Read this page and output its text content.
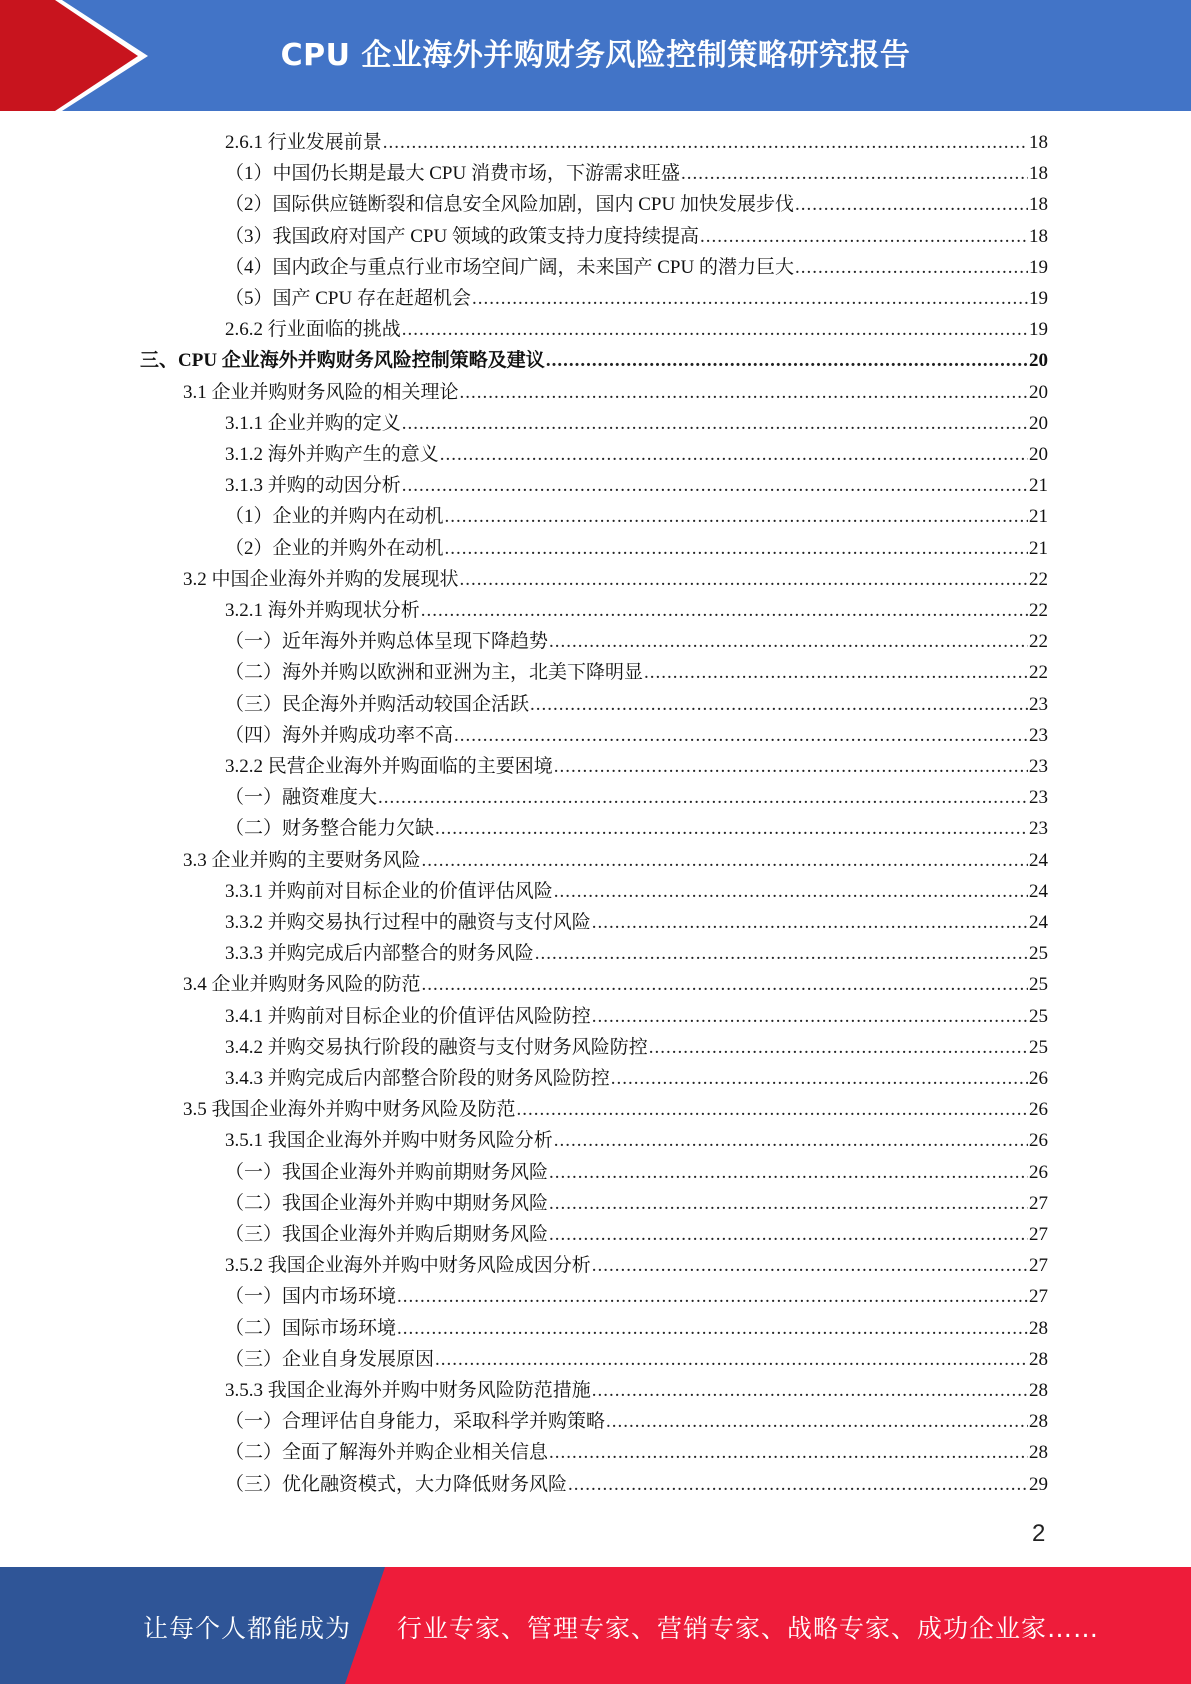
CPU 企业海外并购财务风险控制策略研究报告
2.6.1 行业发展前景 .....	18
（1）中国仍长期是最大 CPU 消费市场，下游需求旺盛 .....	18
（2）国际供应链断裂和信息安全风险加剧，国内 CPU 加快发展步伐 .....	18
（3）我国政府对国产 CPU 领域的政策支持力度持续提高 .....	18
（4）国内政企与重点行业市场空间广阔，未来国产 CPU 的潜力巨大 .....	19
（5）国产 CPU 存在赶超机会 .....	19
2.6.2 行业面临的挑战 .....	19
三、CPU 企业海外并购财务风险控制策略及建议 .....	20
3.1 企业并购财务风险的相关理论 .....	20
3.1.1 企业并购的定义 .....	20
3.1.2 海外并购产生的意义 .....	20
3.1.3 并购的动因分析 .....	21
（1）企业的并购内在动机 .....	21
（2）企业的并购外在动机 .....	21
3.2 中国企业海外并购的发展现状 .....	22
3.2.1 海外并购现状分析 .....	22
（一）近年海外并购总体呈现下降趋势 .....	22
（二）海外并购以欧洲和亚洲为主，北美下降明显 .....	22
（三）民企海外并购活动较国企活跃 .....	23
（四）海外并购成功率不高 .....	23
3.2.2 民营企业海外并购面临的主要困境 .....	23
（一）融资难度大 .....	23
（二）财务整合能力欠缺 .....	23
3.3 企业并购的主要财务风险 .....	24
3.3.1 并购前对目标企业的价值评估风险 .....	24
3.3.2 并购交易执行过程中的融资与支付风险 .....	24
3.3.3 并购完成后内部整合的财务风险 .....	25
3.4 企业并购财务风险的防范 .....	25
3.4.1 并购前对目标企业的价值评估风险防控 .....	25
3.4.2 并购交易执行阶段的融资与支付财务风险防控 .....	25
3.4.3 并购完成后内部整合阶段的财务风险防控 .....	26
3.5 我国企业海外并购中财务风险及防范 .....	26
3.5.1 我国企业海外并购中财务风险分析 .....	26
（一）我国企业海外并购前期财务风险 .....	26
（二）我国企业海外并购中期财务风险 .....	27
（三）我国企业海外并购后期财务风险 .....	27
3.5.2 我国企业海外并购中财务风险成因分析 .....	27
（一）国内市场环境 .....	27
（二）国际市场环境 .....	28
（三）企业自身发展原因 .....	28
3.5.3 我国企业海外并购中财务风险防范措施 .....	28
（一）合理评估自身能力，采取科学并购策略 .....	28
（二）全面了解海外并购企业相关信息 .....	28
（三）优化融资模式，大力降低财务风险 .....	29
2
让每个人都能成为 行业专家、管理专家、营销专家、战略专家、成功企业家……
